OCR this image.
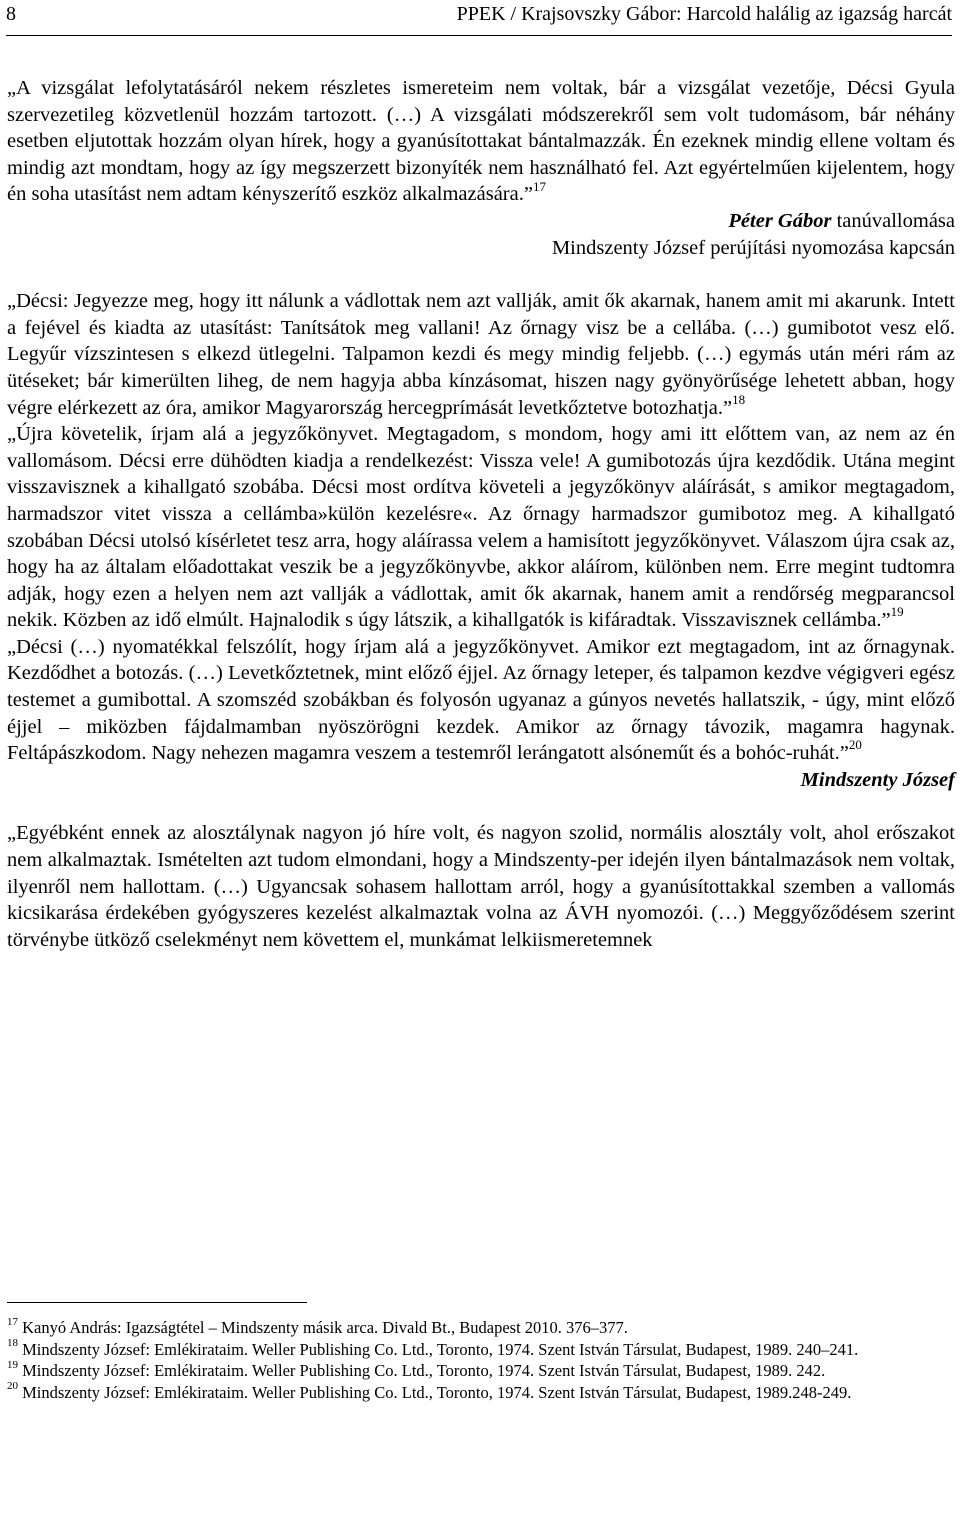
8	PPEK / Krajsovszky Gábor: Harcold halálig az igazság harcát

„A vizsgálat lefolytatásáról nekem részletes ismereteim nem voltak, bár a vizsgálat vezetője, Décsi Gyula szervezetileg közvetlenül hozzám tartozott. (…) A vizsgálati módszerekről sem volt tudomásom, bár néhány esetben eljutottak hozzám olyan hírek, hogy a gyanúsítottakat bántalmazzák. Én ezeknek mindig ellene voltam és mindig azt mondtam, hogy az így megszerzett bizonyíték nem használható fel. Azt egyértelműen kijelentem, hogy én soha utasítást nem adtam kényszerítő eszköz alkalmazására.”$^{17}$

Péter Gábor tanúvallomása

Mindszenty József perújítási nyomozása kapcsán

„Décsi: Jegyezze meg, hogy itt nálunk a vádlottak nem azt vallják, amit ők akarnak, hanem amit mi akarunk. Intett a fejével és kiadta az utasítást: Tanítsátok meg vallani! Az őrnagy visz be a cellába. (…) gumibotot vesz elő. Legyűr vízszintesen s elkezd ütlegelni. Talpamon kezdi és megy mindig feljebb. (…) egymás után méri rám az ütéseket; bár kimerülten liheg, de nem hagyja abba kínzásomat, hiszen nagy gyönyörűsége lehetett abban, hogy végre elérkezett az óra, amikor Magyarország hercegprímását levetkőztetve botozhatja.”$^{18}$

„Újra követelik, írjam alá a jegyzőkönyvet. Megtagadom, s mondom, hogy ami itt előttem van, az nem az én vallomásom. Décsi erre dühödten kiadja a rendelkezést: Vissza vele! A gumibotozás újra kezdődik. Utána megint visszavisznek a kihallgató szobába. Décsi most ordítva követeli a jegyzőkönyv aláírását, s amikor megtagadom, harmadszor vitet vissza a cellámba»külön kezelésre«. Az őrnagy harmadszor gumibotoz meg. A kihallgató szobában Décsi utolsó kísérletet tesz arra, hogy aláírassa velem a hamisított jegyzőkönyvet. Válaszom újra csak az, hogy ha az általam előadottakat veszik be a jegyzőkönyvbe, akkor aláírom, különben nem. Erre megint tudtomra adják, hogy ezen a helyen nem azt vallják a vádlottak, amit ők akarnak, hanem amit a rendőrség megparancsol nekik. Közben az idő elmúlt. Hajnalodik s úgy látszik, a kihallgatók is kifáradtak. Visszavisznek cellámba.”$^{19}$

„Décsi (…) nyomatékkal felszólít, hogy írjam alá a jegyzőkönyvet. Amikor ezt megtagadom, int az őrnagynak. Kezdődhet a botozás. (…) Levetkőztetnek, mint előző éjjel. Az őrnagy leteper, és talpamon kezdve végigveri egész testemet a gumibottal. A szomszéd szobákban és folyosón ugyanaz a gúnyos nevetés hallatszik, - úgy, mint előző éjjel – miközben fájdalmamban nyöszörögni kezdek. Amikor az őrnagy távozik, magamra hagynak. Feltápászkodom. Nagy nehezen magamra veszem a testemről lerángatott alsóneműt és a bohóc-ruhát.”$^{20}$

Mindszenty József

„Egyébként ennek az alosztálynak nagyon jó híre volt, és nagyon szolid, normális alosztály volt, ahol erőszakot nem alkalmaztak. Ismételten azt tudom elmondani, hogy a Mindszenty-per idején ilyen bántalmazások nem voltak, ilyenről nem hallottam. (…) Ugyancsak sohasem hallottam arról, hogy a gyanúsítottakkal szemben a vallomás kicsikarása érdekében gyógyszeres kezelést alkalmaztak volna az ÁVH nyomozói. (…) Meggyőződésem szerint törvénybe ütköző cselekményt nem követtem el, munkámat lelkiismeretemnek

$^{17}$ Kanyó András: Igazságtétel – Mindszenty másik arca. Divald Bt., Budapest 2010. 376–377.

$^{18}$ Mindszenty József: Emlékirataim. Weller Publishing Co. Ltd., Toronto, 1974. Szent István Társulat, Budapest, 1989. 240–241.

$^{19}$ Mindszenty József: Emlékirataim. Weller Publishing Co. Ltd., Toronto, 1974. Szent István Társulat, Budapest, 1989. 242.

$^{20}$ Mindszenty József: Emlékirataim. Weller Publishing Co. Ltd., Toronto, 1974. Szent István Társulat, Budapest, 1989.248-249.
